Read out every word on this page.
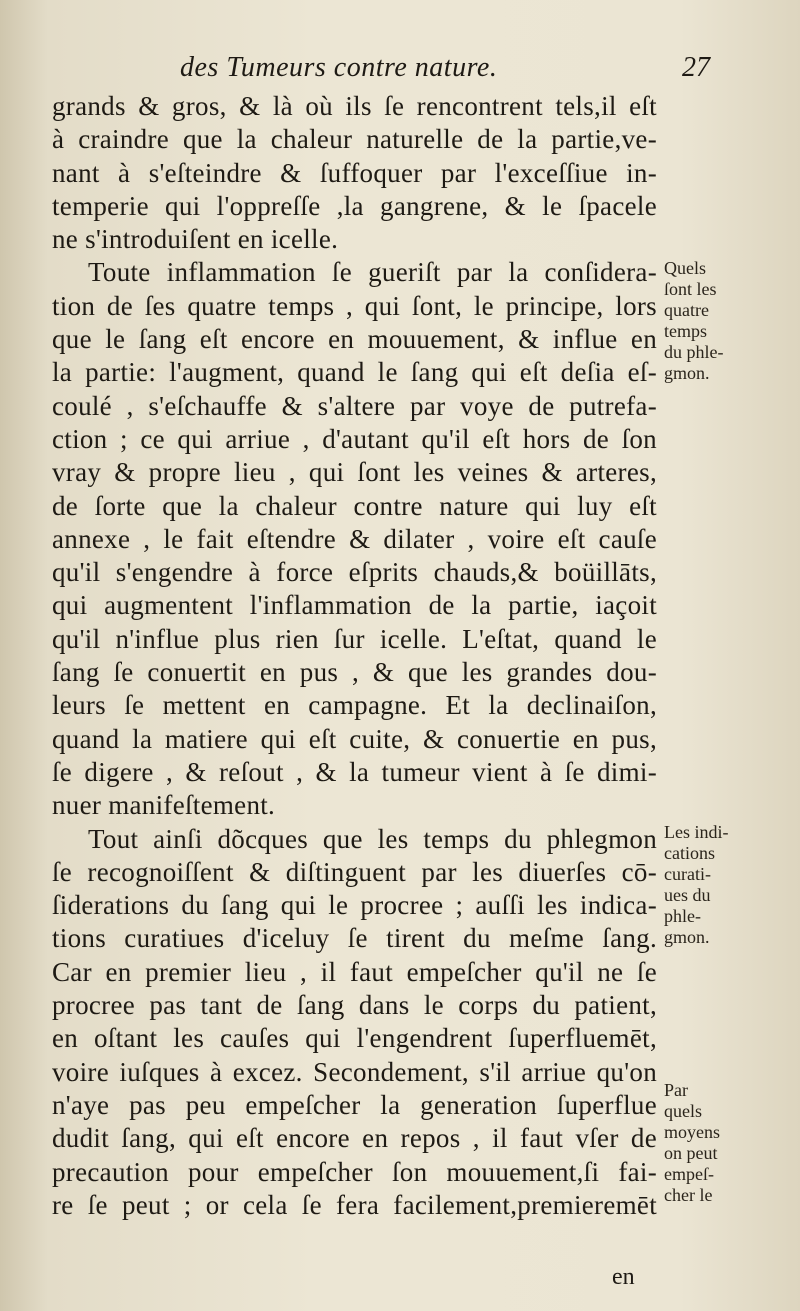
des Tumeurs contre nature.	27
grands & gros, & là où ils ſe rencontrent tels,il eſt
à craindre que la chaleur naturelle de la partie,ve-
nant à s'eſteindre & ſuffoquer par l'exceſſiue in-
temperie qui l'oppreſſe ,la gangrene, & le ſpacele
ne s'introduiſent en icelle.
Toute inflammation ſe gueriſt par la conſidera-
tion de ſes quatre temps , qui ſont, le principe, lors
que le ſang eſt encore en mouuement, & influe en
la partie: l'augment, quand le ſang qui eſt deſia eſ-
coulé , s'eſchauffe & s'altere par voye de putrefa-
ction ; ce qui arriue , d'autant qu'il eſt hors de ſon
vray & propre lieu , qui ſont les veines & arteres,
de ſorte que la chaleur contre nature qui luy eſt
annexe , le fait eſtendre & dilater , voire eſt cauſe
qu'il s'engendre à force eſprits chauds,& boüillāts,
qui augmentent l'inflammation de la partie, iaçoit
qu'il n'influe plus rien ſur icelle. L'eſtat, quand le
ſang ſe conuertit en pus , & que les grandes dou-
leurs ſe mettent en campagne. Et la declinaiſon,
quand la matiere qui eſt cuite, & conuertie en pus,
ſe digere , & reſout , & la tumeur vient à ſe dimi-
nuer manifeſtement.
Tout ainſi dõcques que les temps du phlegmon
ſe recognoiſſent & diſtinguent par les diuerſes cō-
ſiderations du ſang qui le procree ; auſſi les indica-
tions curatiues d'iceluy ſe tirent du meſme ſang.
Car en premier lieu , il faut empeſcher qu'il ne ſe
procree pas tant de ſang dans le corps du patient,
en oſtant les cauſes qui l'engendrent ſuperfluemēt,
voire iuſques à excez. Secondement, s'il arriue qu'on
n'aye pas peu empeſcher la generation ſuperflue
dudit ſang, qui eſt encore en repos , il faut vſer de
precaution pour empeſcher ſon mouuement,ſi fai-
re ſe peut ; or cela ſe fera facilement,premieremēt
Quels
ſont les
quatre
temps
du phle-
gmon.
Les indi-
cations
curati-
ues du
phle-
gmon.
Par
quels
moyens
on peut
empeſ-
cher le
en
